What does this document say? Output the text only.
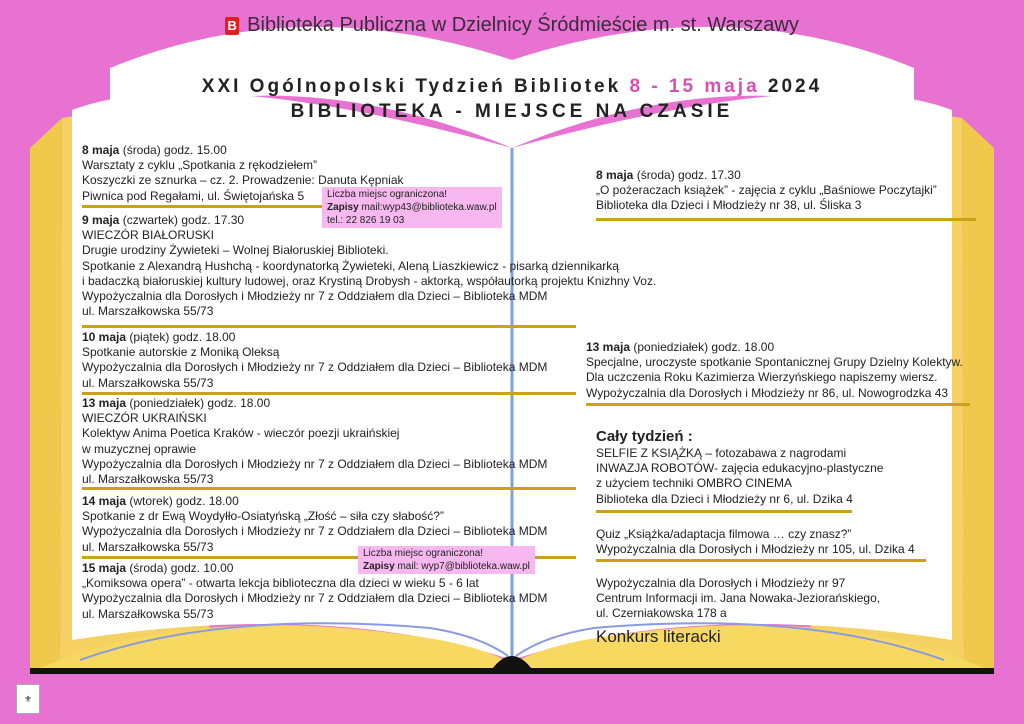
B Biblioteka Publiczna w Dzielnicy Śródmieście m. st. Warszawy
XXI Ogólnopolski Tydzień Bibliotek 8 - 15 maja 2024
BIBLIOTEKA - MIEJSCE NA CZASIE
8 maja (środa) godz. 15.00
Warsztaty z cyklu „Spotkania z rękodziełem”
Koszyczki ze sznurka – cz. 2. Prowadzenie: Danuta Kępniak
Piwnica pod Regałami, ul. Świętojańska 5	Liczba miejsc ograniczona!
Zapisy mail:wyp43@biblioteka.waw.pl
tel.: 22 826 19 03
9 maja (czwartek) godz. 17.30
WIECZÓR BIAŁORUSKI
Drugie urodziny Żywieteki – Wolnej Białoruskiej Biblioteki.
Spotkanie z Alexandrą Hushchą - koordynatorką Żywieteki, Aleną Liaszkiewicz - pisarką dziennikarką
i badaczką białoruskiej kultury ludowej, oraz Krystiną Drobysh - aktorką, współautorką projektu Knizhny Voz.
Wypożyczalnia dla Dorosłych i Młodzieży nr 7 z Oddziałem dla Dzieci – Biblioteka MDM
ul. Marszałkowska 55/73
10 maja (piątek) godz. 18.00
Spotkanie autorskie z Moniką Oleksą
Wypożyczalnia dla Dorosłych i Młodzieży nr 7 z Oddziałem dla Dzieci – Biblioteka MDM
ul. Marszałkowska 55/73
13 maja (poniedziałek) godz. 18.00
WIECZÓR UKRAIŃSKI
Kolektyw Anima Poetica Kraków - wieczór poezji ukraińskiej
w muzycznej oprawie
Wypożyczalnia dla Dorosłych i Młodzieży nr 7 z Oddziałem dla Dzieci – Biblioteka MDM
ul. Marszałkowska 55/73
14 maja (wtorek) godz. 18.00
Spotkanie z dr Ewą Woydyłło-Osiatyńską „Złość – siła czy słabość?”
Wypożyczalnia dla Dorosłych i Młodzieży nr 7 z Oddziałem dla Dzieci – Biblioteka MDM
ul. Marszałkowska 55/73	Liczba miejsc ograniczona!
Zapisy mail: wyp7@biblioteka.waw.pl
15 maja (środa) godz. 10.00
„Komiksowa opera” - otwarta lekcja biblioteczna dla dzieci w wieku 5 - 6 lat
Wypożyczalnia dla Dorosłych i Młodzieży nr 7 z Oddziałem dla Dzieci – Biblioteka MDM
ul. Marszałkowska 55/73
8 maja (środa) godz. 17.30
„O pożeraczach książek” - zajęcia z cyklu „Baśniowe Poczytajki”
Biblioteka dla Dzieci i Młodzieży nr 38, ul. Śliska 3
13 maja (poniedziałek) godz. 18.00
Specjalne, uroczyste spotkanie Spontanicznej Grupy Dzielny Kolektyw.
Dla uczczenia Roku Kazimierza Wierzyńskiego napiszemy wiersz.
Wypożyczalnia dla Dorosłych i Młodzieży nr 86, ul. Nowogrodzka 43
Cały tydzień :
SELFIE Z KSIĄŻKĄ – fotozabawa z nagrodami
INWAZJA ROBOTÓW- zajęcia edukacyjno-plastyczne
z użyciem techniki OMBRO CINEMA
Biblioteka dla Dzieci i Młodzieży nr 6, ul. Dzika 4
Quiz „Książka/adaptacja filmowa … czy znasz?”
Wypożyczalnia dla Dorosłych i Młodzieży nr 105, ul. Dzika 4
Wypożyczalnia dla Dorosłych i Młodzieży nr 97
Centrum Informacji im. Jana Nowaka-Jeziorańskiego,
ul. Czerniakowska 178 a
Konkurs literacki
⚜
